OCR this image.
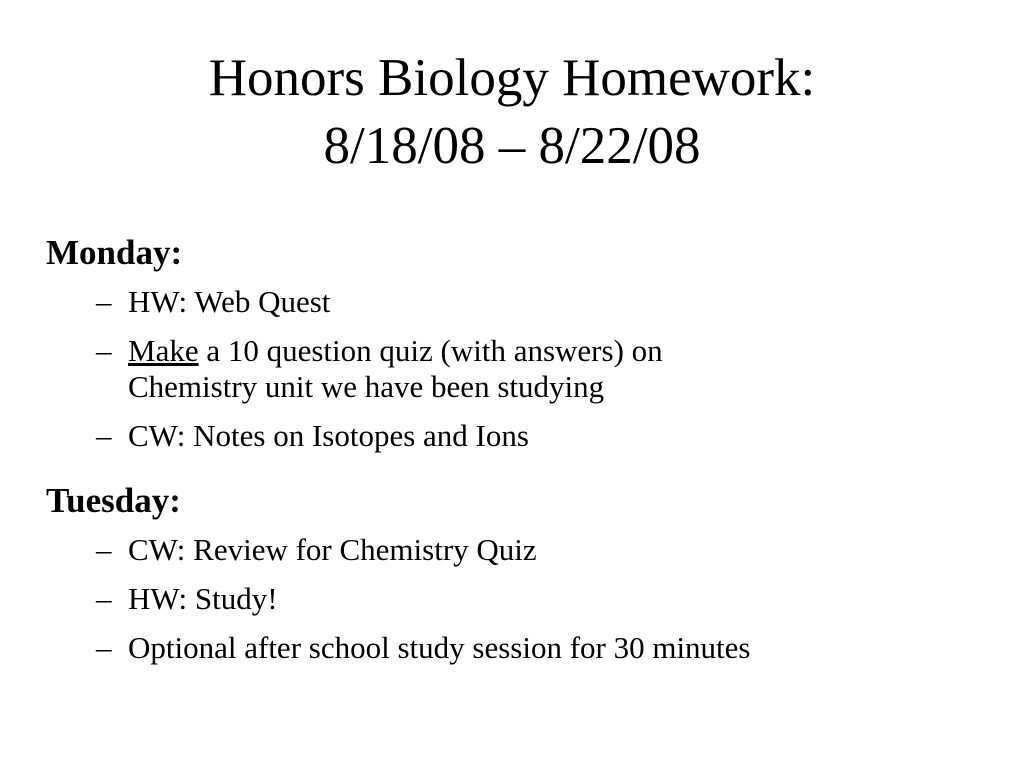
Honors Biology Homework:
8/18/08 – 8/22/08
Monday:
– HW: Web Quest
– Make a 10 question quiz (with answers) on
Chemistry unit we have been studying
– CW: Notes on Isotopes and Ions
Tuesday:
– CW: Review for Chemistry Quiz
– HW: Study!
– Optional after school study session for 30 minutes
